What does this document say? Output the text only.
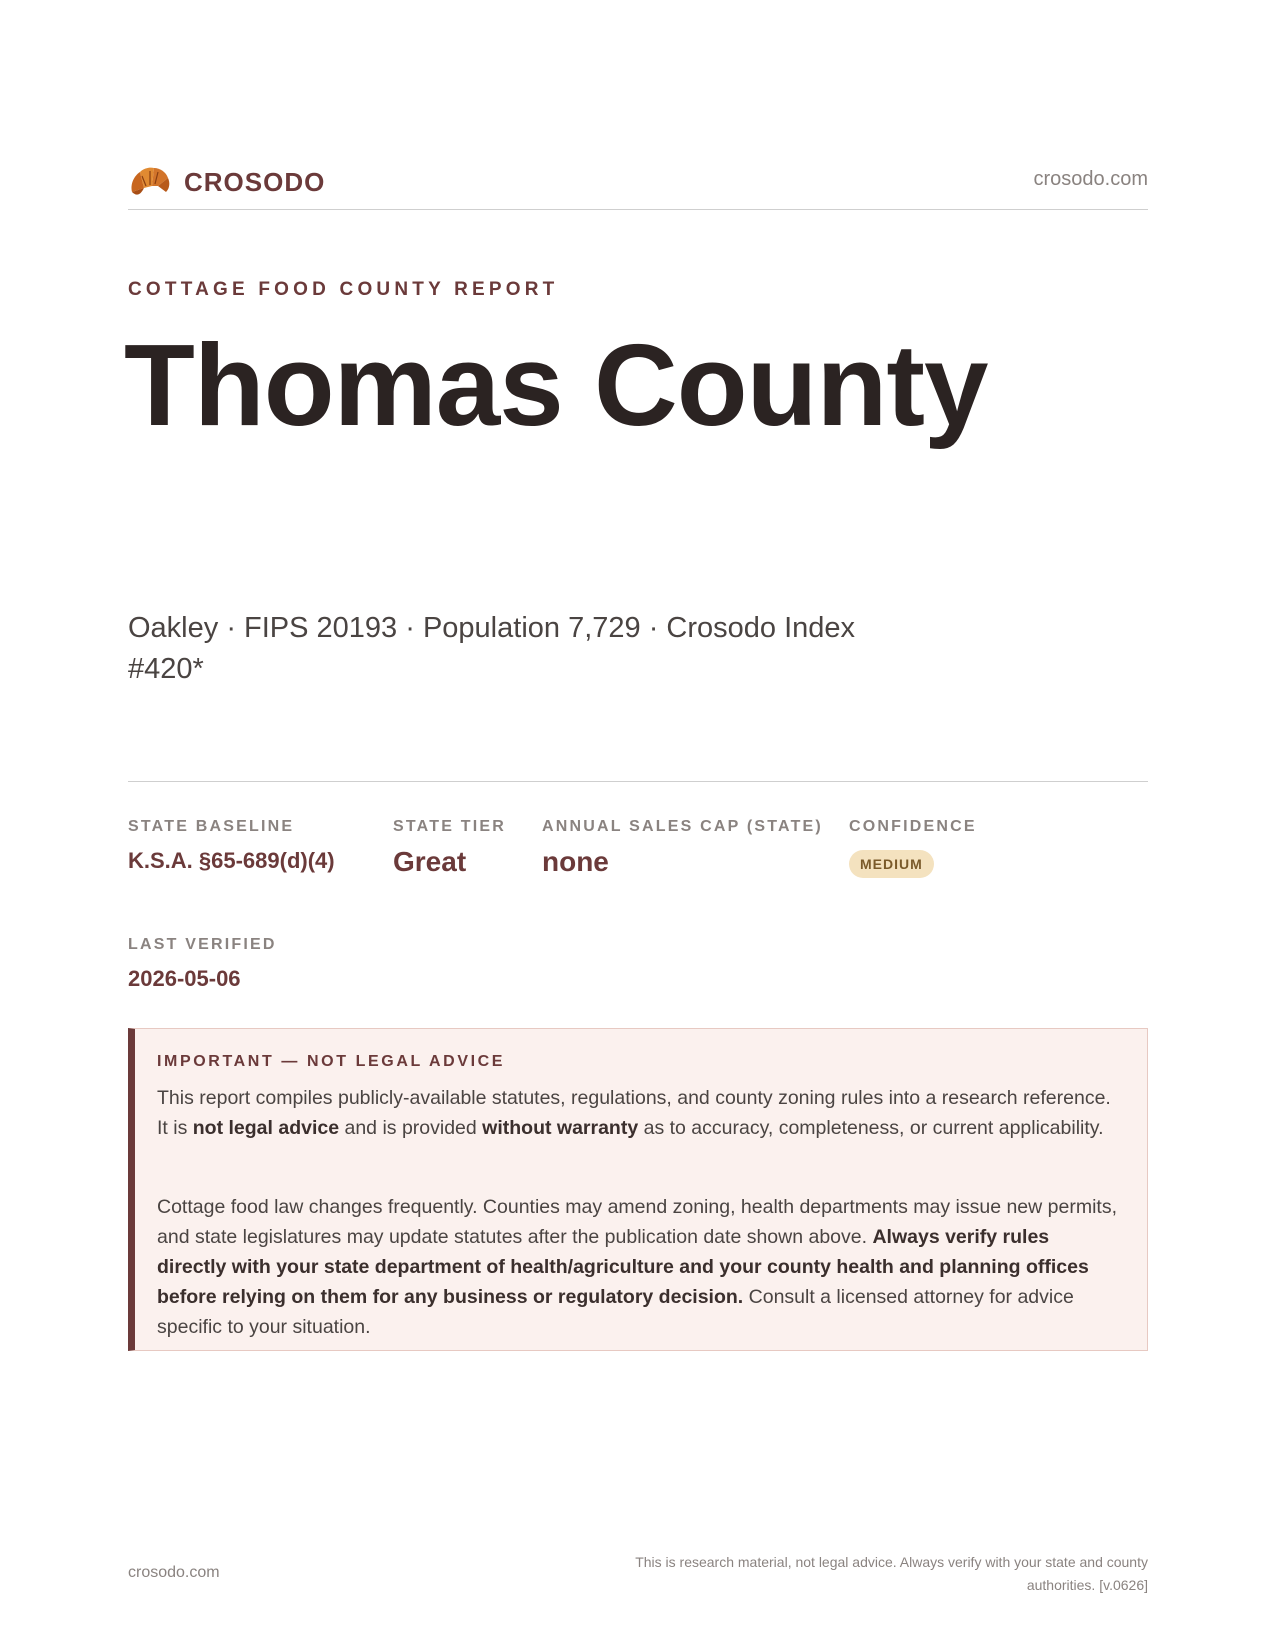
CROSODO	crosodo.com
COTTAGE FOOD COUNTY REPORT
Thomas County
Oakley · FIPS 20193 · Population 7,729 · Crosodo Index #420*
STATE BASELINE
K.S.A. §65-689(d)(4)
STATE TIER
Great
ANNUAL SALES CAP (STATE)
none
CONFIDENCE
MEDIUM
LAST VERIFIED
2026-05-06
IMPORTANT — NOT LEGAL ADVICE

This report compiles publicly-available statutes, regulations, and county zoning rules into a research reference. It is not legal advice and is provided without warranty as to accuracy, completeness, or current applicability.

Cottage food law changes frequently. Counties may amend zoning, health departments may issue new permits, and state legislatures may update statutes after the publication date shown above. Always verify rules directly with your state department of health/agriculture and your county health and planning offices before relying on them for any business or regulatory decision. Consult a licensed attorney for advice specific to your situation.

crosodo.com
This is research material, not legal advice. Always verify with your state and county authorities. [v.0626]
